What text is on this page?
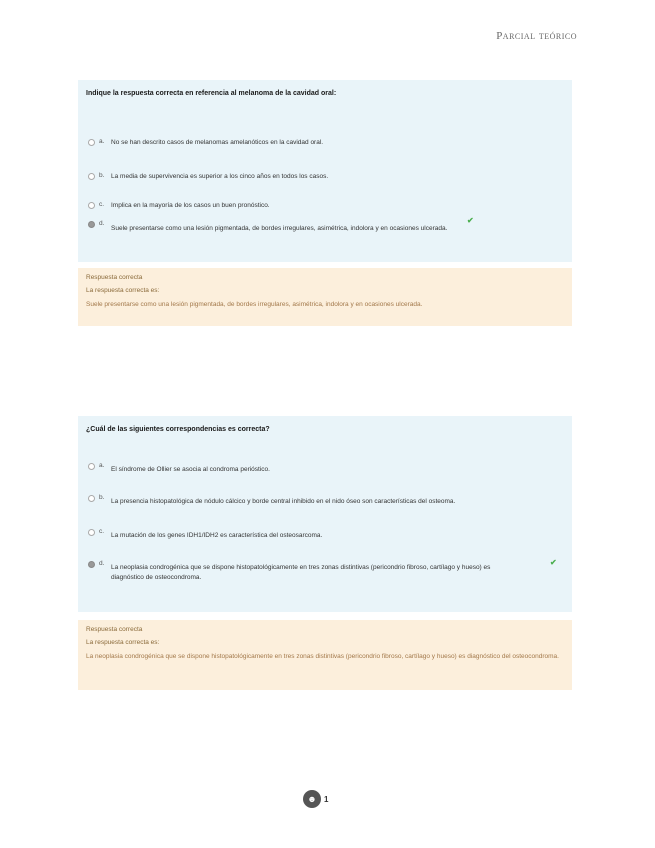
Parcial teórico
Indique la respuesta correcta en referencia al melanoma de la cavidad oral:
a.	No se han descrito casos de melanomas amelanóticos en la cavidad oral.
b.	La media de supervivencia es superior a los cinco años en todos los casos.
c.	Implica en la mayoría de los casos un buen pronóstico.
d.
Suele presentarse como una lesión pigmentada, de bordes irregulares, asimétrica, indolora y en ocasiones ulcerada.
✔
Respuesta correcta
La respuesta correcta es:
Suele presentarse como una lesión pigmentada, de bordes irregulares, asimétrica, indolora y en ocasiones ulcerada.
¿Cuál de las siguientes correspondencias es correcta?
a.
El síndrome de Ollier se asocia al condroma perióstico.
b.
La presencia histopatológica de nódulo cálcico y borde central inhibido en el nido óseo son características del osteoma.
c.
La mutación de los genes IDH1/IDH2 es característica del osteosarcoma.
d.
La neoplasia condrogénica que se dispone histopatológicamente en tres zonas distintivas (pericondrio fibroso, cartílago y hueso) es diagnóstico de osteocondroma.
✔
Respuesta correcta
La respuesta correcta es:
La neoplasia condrogénica que se dispone histopatológicamente en tres zonas distintivas (pericondrio fibroso, cartílago y hueso) es diagnóstico del osteocondroma.
☻ 1
